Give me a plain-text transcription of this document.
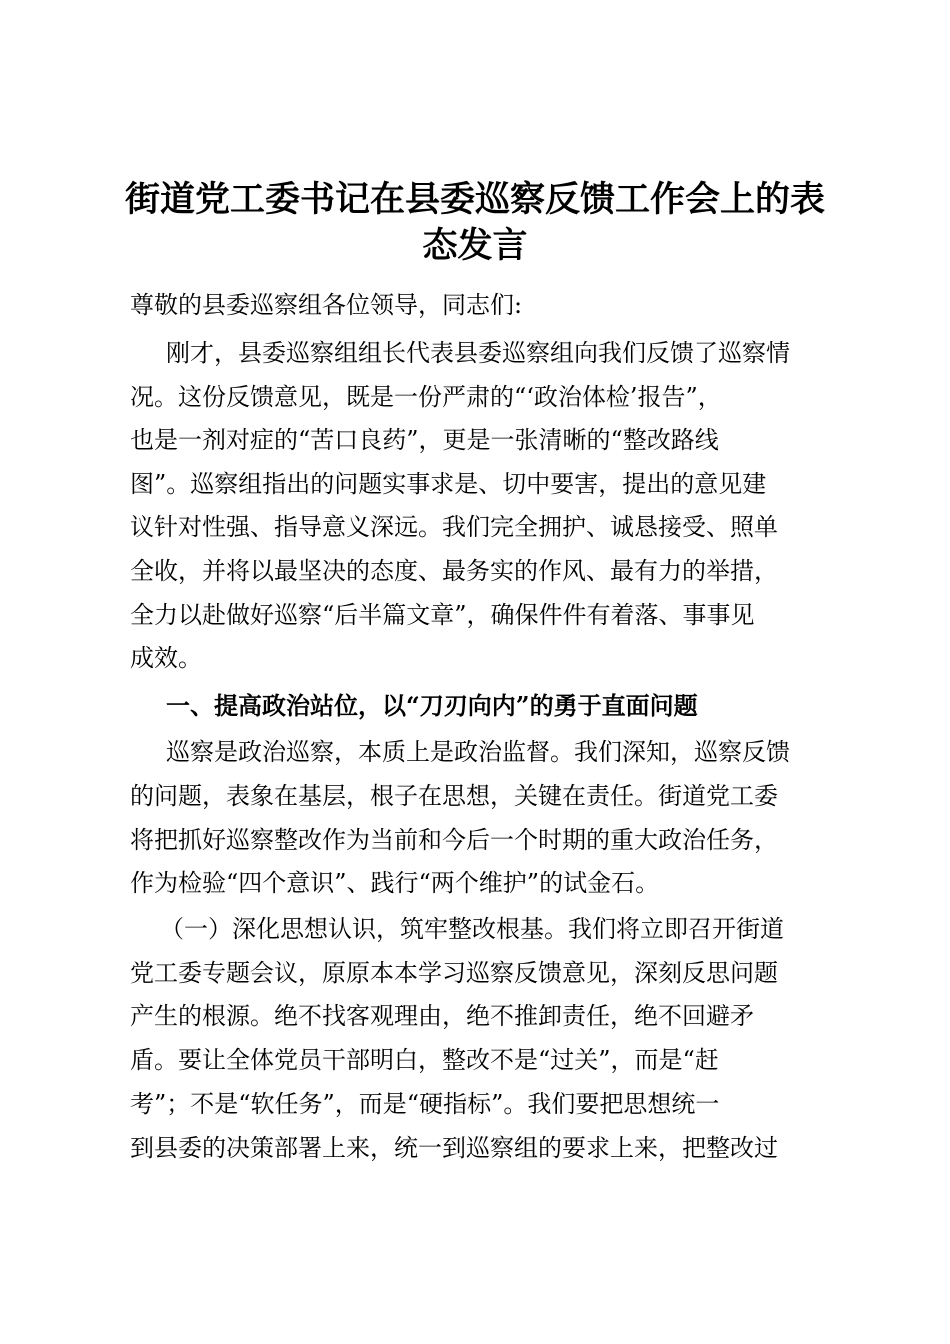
街道党工委书记在县委巡察反馈工作会上的表
态发言

尊敬的县委巡察组各位领导，同志们:

刚才，县委巡察组组长代表县委巡察组向我们反馈了巡察情

况。这份反馈意见，既是一份严肃的“‘政治体检’报告”，

也是一剂对症的“苦口良药”，更是一张清晰的“整改路线

图”。巡察组指出的问题实事求是、切中要害，提出的意见建

议针对性强、指导意义深远。我们完全拥护、诚恳接受、照单

全收，并将以最坚决的态度、最务实的作风、最有力的举措，

全力以赴做好巡察“后半篇文章”，确保件件有着落、事事见

成效。

一、提高政治站位，以“刀刃向内”的勇于直面问题

巡察是政治巡察，本质上是政治监督。我们深知，巡察反馈

的问题，表象在基层，根子在思想，关键在责任。街道党工委

将把抓好巡察整改作为当前和今后一个时期的重大政治任务，

作为检验“四个意识”、践行“两个维护”的试金石。

（一）深化思想认识，筑牢整改根基。我们将立即召开街道

党工委专题会议，原原本本学习巡察反馈意见，深刻反思问题

产生的根源。绝不找客观理由，绝不推卸责任，绝不回避矛

盾。要让全体党员干部明白，整改不是“过关”，而是“赶

考”；不是“软任务”，而是“硬指标”。我们要把思想统一

到县委的决策部署上来，统一到巡察组的要求上来，把整改过
